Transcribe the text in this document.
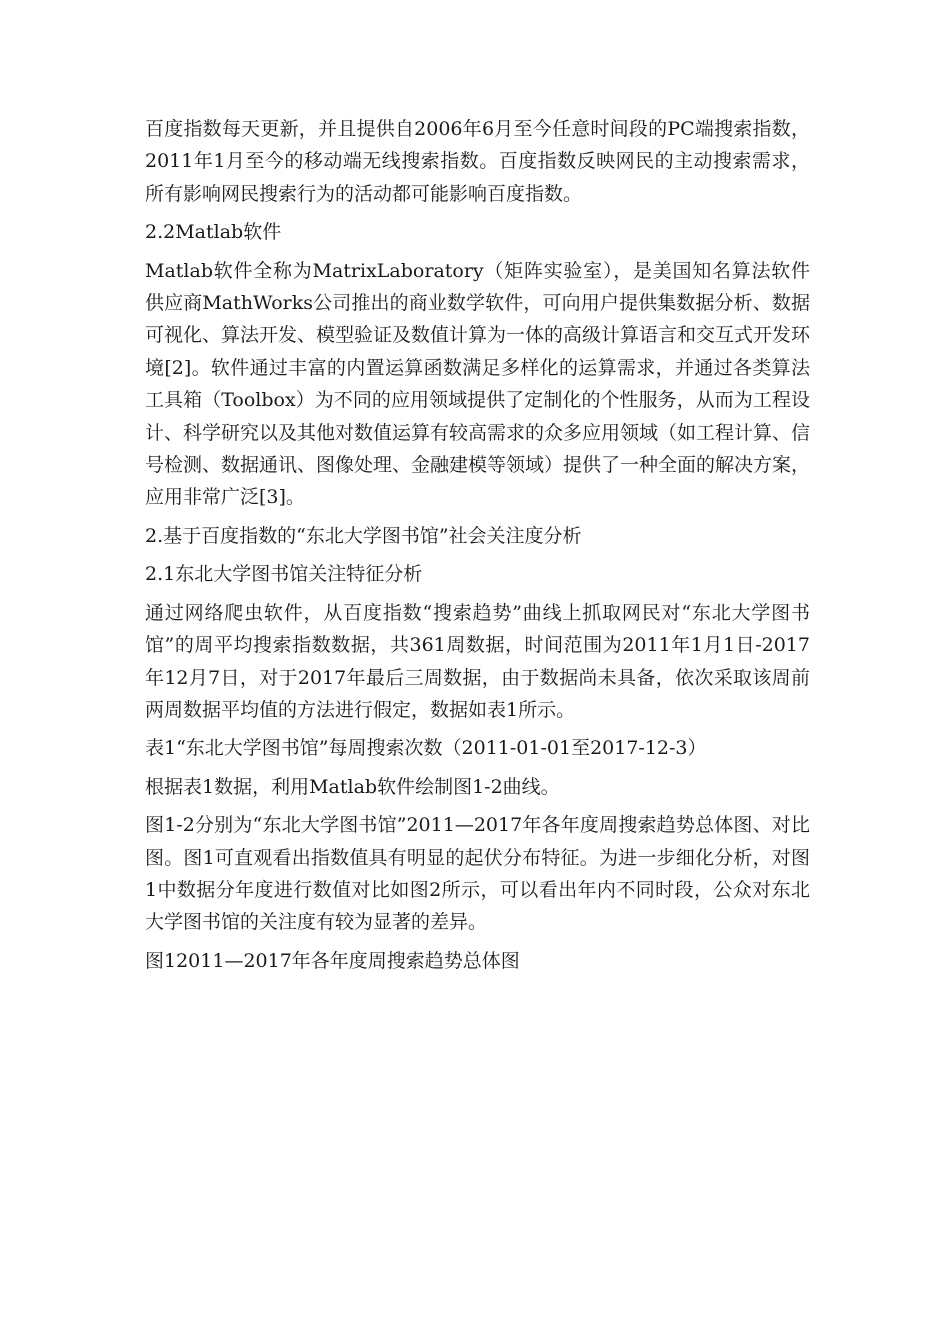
百度指数每天更新，并且提供自2006年6月至今任意时间段的PC端搜索指数，2011年1月至今的移动端无线搜索指数。百度指数反映网民的主动搜索需求，所有影响网民搜索行为的活动都可能影响百度指数。

2.2Matlab软件

Matlab软件全称为MatrixLaboratory（矩阵实验室），是美国知名算法软件供应商MathWorks公司推出的商业数学软件，可向用户提供集数据分析、数据可视化、算法开发、模型验证及数值计算为一体的高级计算语言和交互式开发环境[2]。软件通过丰富的内置运算函数满足多样化的运算需求，并通过各类算法工具箱（Toolbox）为不同的应用领域提供了定制化的个性服务，从而为工程设计、科学研究以及其他对数值运算有较高需求的众多应用领域（如工程计算、信号检测、数据通讯、图像处理、金融建模等领域）提供了一种全面的解决方案，应用非常广泛[3]。

2.基于百度指数的“东北大学图书馆”社会关注度分析

2.1东北大学图书馆关注特征分析

通过网络爬虫软件，从百度指数“搜索趋势”曲线上抓取网民对“东北大学图书馆”的周平均搜索指数数据，共361周数据，时间范围为2011年1月1日-2017年12月7日，对于2017年最后三周数据，由于数据尚未具备，依次采取该周前两周数据平均值的方法进行假定，数据如表1所示。

表1“东北大学图书馆”每周搜索次数（2011-01-01至2017-12-3）

根据表1数据，利用Matlab软件绘制图1-2曲线。

图1-2分别为“东北大学图书馆”2011—2017年各年度周搜索趋势总体图、对比图。图1可直观看出指数值具有明显的起伏分布特征。为进一步细化分析，对图1中数据分年度进行数值对比如图2所示，可以看出年内不同时段，公众对东北大学图书馆的关注度有较为显著的差异。

图12011—2017年各年度周搜索趋势总体图
